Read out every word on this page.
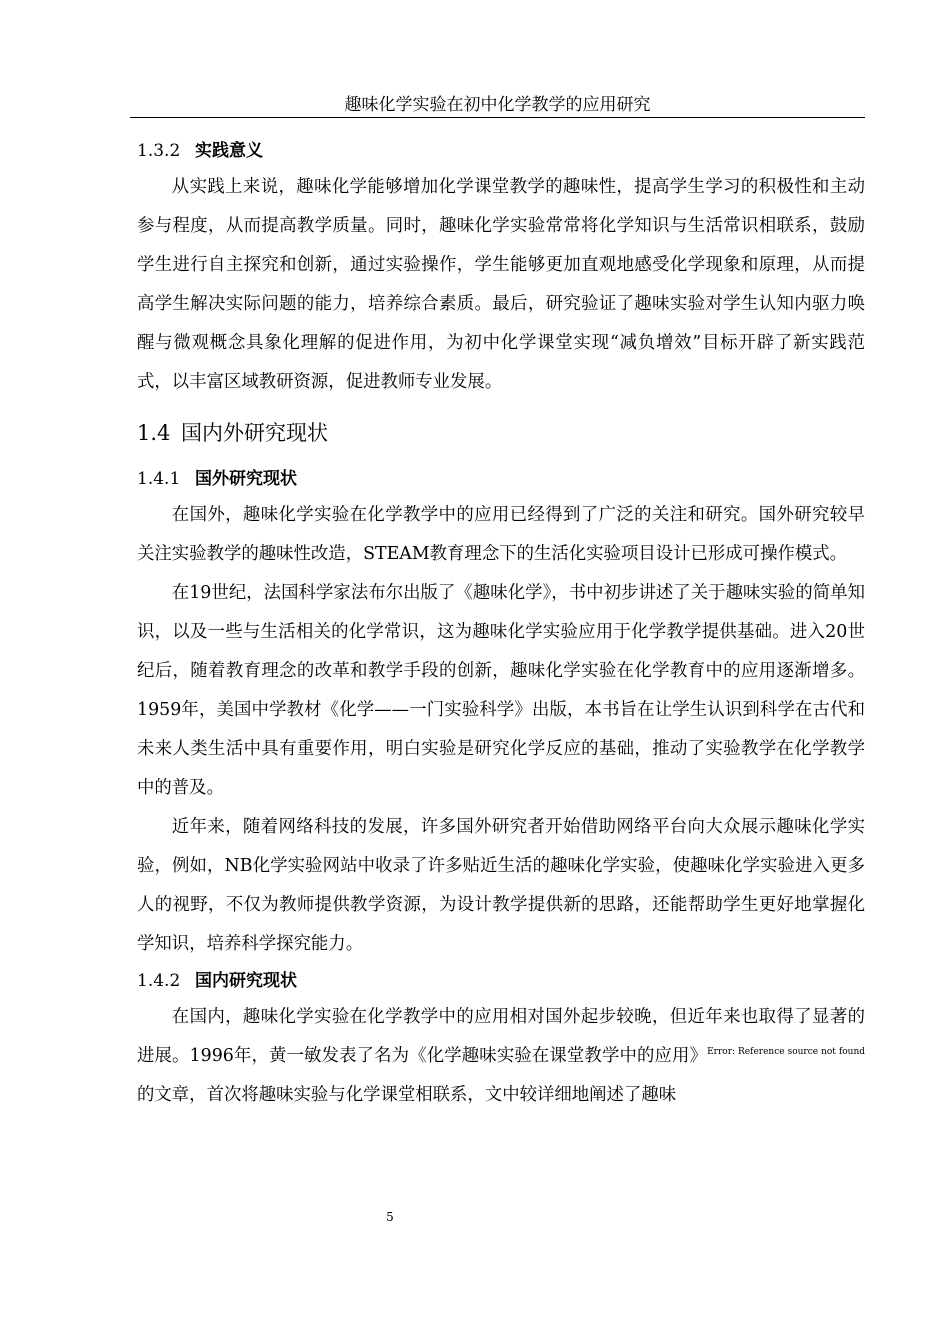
趣味化学实验在初中化学教学的应用研究
1.3.2 实践意义

从实践上来说，趣味化学能够增加化学课堂教学的趣味性，提高学生学习的积极性和主动参与程度，从而提高教学质量。同时，趣味化学实验常常将化学知识与生活常识相联系，鼓励学生进行自主探究和创新，通过实验操作，学生能够更加直观地感受化学现象和原理，从而提高学生解决实际问题的能力，培养综合素质。最后，研究验证了趣味实验对学生认知内驱力唤醒与微观概念具象化理解的促进作用，为初中化学课堂实现“减负增效”目标开辟了新实践范式，以丰富区域教研资源，促进教师专业发展。

1.4 国内外研究现状
1.4.1 国外研究现状

在国外，趣味化学实验在化学教学中的应用已经得到了广泛的关注和研究。国外研究较早关注实验教学的趣味性改造，STEAM教育理念下的生活化实验项目设计已形成可操作模式。

在19世纪，法国科学家法布尔出版了《趣味化学》，书中初步讲述了关于趣味实验的简单知识，以及一些与生活相关的化学常识，这为趣味化学实验应用于化学教学提供基础。进入20世纪后，随着教育理念的改革和教学手段的创新，趣味化学实验在化学教育中的应用逐渐增多。1959年，美国中学教材《化学——一门实验科学》出版，本书旨在让学生认识到科学在古代和未来人类生活中具有重要作用，明白实验是研究化学反应的基础，推动了实验教学在化学教学中的普及。

近年来，随着网络科技的发展，许多国外研究者开始借助网络平台向大众展示趣味化学实验，例如，NB化学实验网站中收录了许多贴近生活的趣味化学实验，使趣味化学实验进入更多人的视野，不仅为教师提供教学资源，为设计教学提供新的思路，还能帮助学生更好地掌握化学知识，培养科学探究能力。

1.4.2 国内研究现状

在国内，趣味化学实验在化学教学中的应用相对国外起步较晚，但近年来也取得了显著的进展。1996年，黄一敏发表了名为《化学趣味实验在课堂教学中的应用》$^{Error: Reference source not found}$的文章，首次将趣味实验与化学课堂相联系，文中较详细地阐述了趣味

5
